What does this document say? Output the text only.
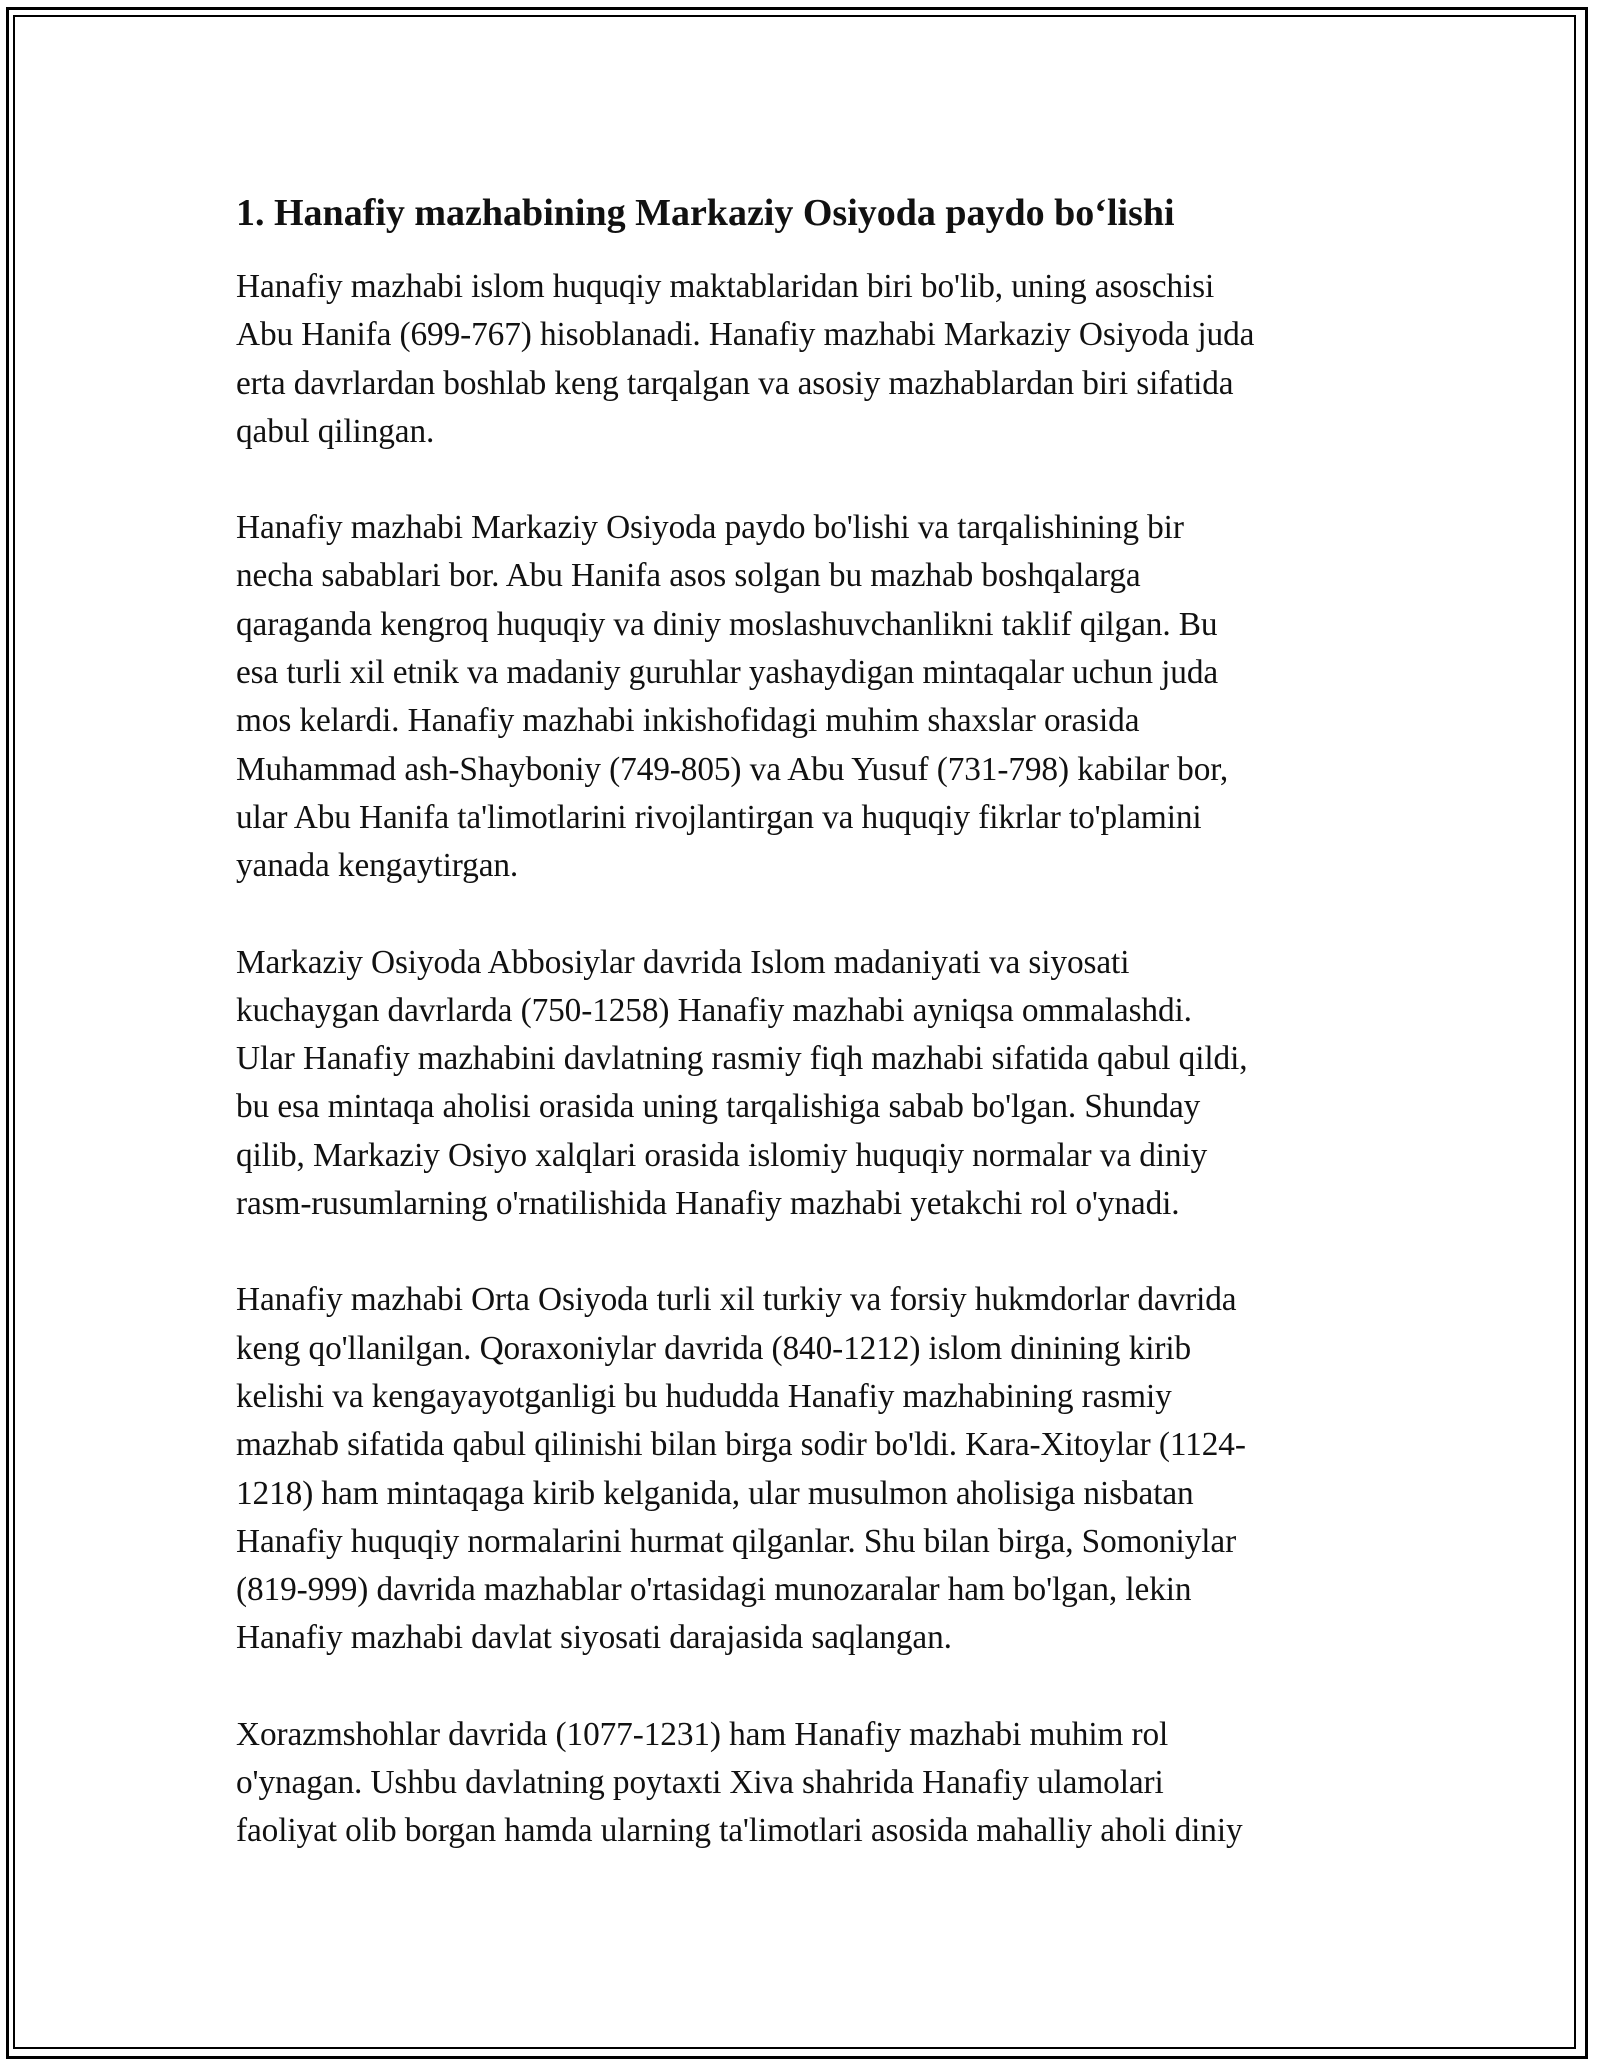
1. Hanafiy mazhabining Markaziy Osiyoda paydo bo‘lishi
Hanafiy mazhabi islom huquqiy maktablaridan biri bo'lib, uning asoschisi
Abu Hanifa (699-767) hisoblanadi. Hanafiy mazhabi Markaziy Osiyoda juda
erta davrlardan boshlab keng tarqalgan va asosiy mazhablardan biri sifatida
qabul qilingan.
Hanafiy mazhabi Markaziy Osiyoda paydo bo'lishi va tarqalishining bir
necha sabablari bor. Abu Hanifa asos solgan bu mazhab boshqalarga
qaraganda kengroq huquqiy va diniy moslashuvchanlikni taklif qilgan. Bu
esa turli xil etnik va madaniy guruhlar yashaydigan mintaqalar uchun juda
mos kelardi. Hanafiy mazhabi inkishofidagi muhim shaxslar orasida
Muhammad ash-Shayboniy (749-805) va Abu Yusuf (731-798) kabilar bor,
ular Abu Hanifa ta'limotlarini rivojlantirgan va huquqiy fikrlar to'plamini
yanada kengaytirgan.
Markaziy Osiyoda Abbosiylar davrida Islom madaniyati va siyosati
kuchaygan davrlarda (750-1258) Hanafiy mazhabi ayniqsa ommalashdi.
Ular Hanafiy mazhabini davlatning rasmiy fiqh mazhabi sifatida qabul qildi,
bu esa mintaqa aholisi orasida uning tarqalishiga sabab bo'lgan. Shunday
qilib, Markaziy Osiyo xalqlari orasida islomiy huquqiy normalar va diniy
rasm-rusumlarning o'rnatilishida Hanafiy mazhabi yetakchi rol o'ynadi.
Hanafiy mazhabi Orta Osiyoda turli xil turkiy va forsiy hukmdorlar davrida
keng qo'llanilgan. Qoraxoniylar davrida (840-1212) islom dinining kirib
kelishi va kengayayotganligi bu hududda Hanafiy mazhabining rasmiy
mazhab sifatida qabul qilinishi bilan birga sodir bo'ldi. Kara-Xitoylar (1124-
1218) ham mintaqaga kirib kelganida, ular musulmon aholisiga nisbatan
Hanafiy huquqiy normalarini hurmat qilganlar. Shu bilan birga, Somoniylar
(819-999) davrida mazhablar o'rtasidagi munozaralar ham bo'lgan, lekin
Hanafiy mazhabi davlat siyosati darajasida saqlangan.
Xorazmshohlar davrida (1077-1231) ham Hanafiy mazhabi muhim rol
o'ynagan. Ushbu davlatning poytaxti Xiva shahrida Hanafiy ulamolari
faoliyat olib borgan hamda ularning ta'limotlari asosida mahalliy aholi diniy
